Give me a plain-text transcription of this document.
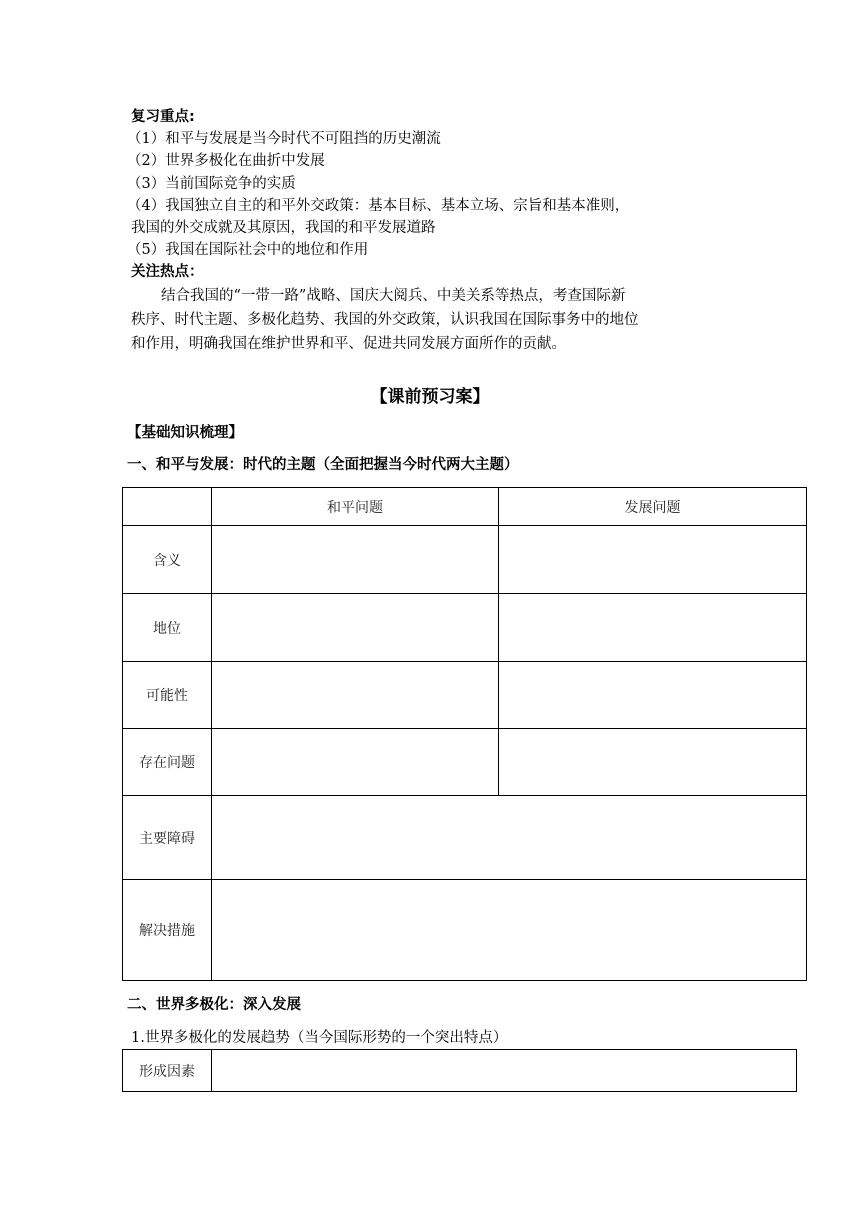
复习重点:
（1）和平与发展是当今时代不可阻挡的历史潮流
（2）世界多极化在曲折中发展
（3）当前国际竞争的实质
（4）我国独立自主的和平外交政策：基本目标、基本立场、宗旨和基本准则，
我国的外交成就及其原因，我国的和平发展道路
（5）我国在国际社会中的地位和作用
关注热点：
结合我国的“一带一路”战略、国庆大阅兵、中美关系等热点，考查国际新
秩序、时代主题、多极化趋势、我国的外交政策，认识我国在国际事务中的地位
和作用，明确我国在维护世界和平、促进共同发展方面所作的贡献。
【课前预习案】
【基础知识梳理】
一、和平与发展：时代的主题（全面把握当今时代两大主题）
	和平问题	发展问题
含义		
地位		
可能性		
存在问题		
主要障碍		
解决措施		
二、世界多极化：深入发展
1.世界多极化的发展趋势（当今国际形势的一个突出特点）
形成因素	
